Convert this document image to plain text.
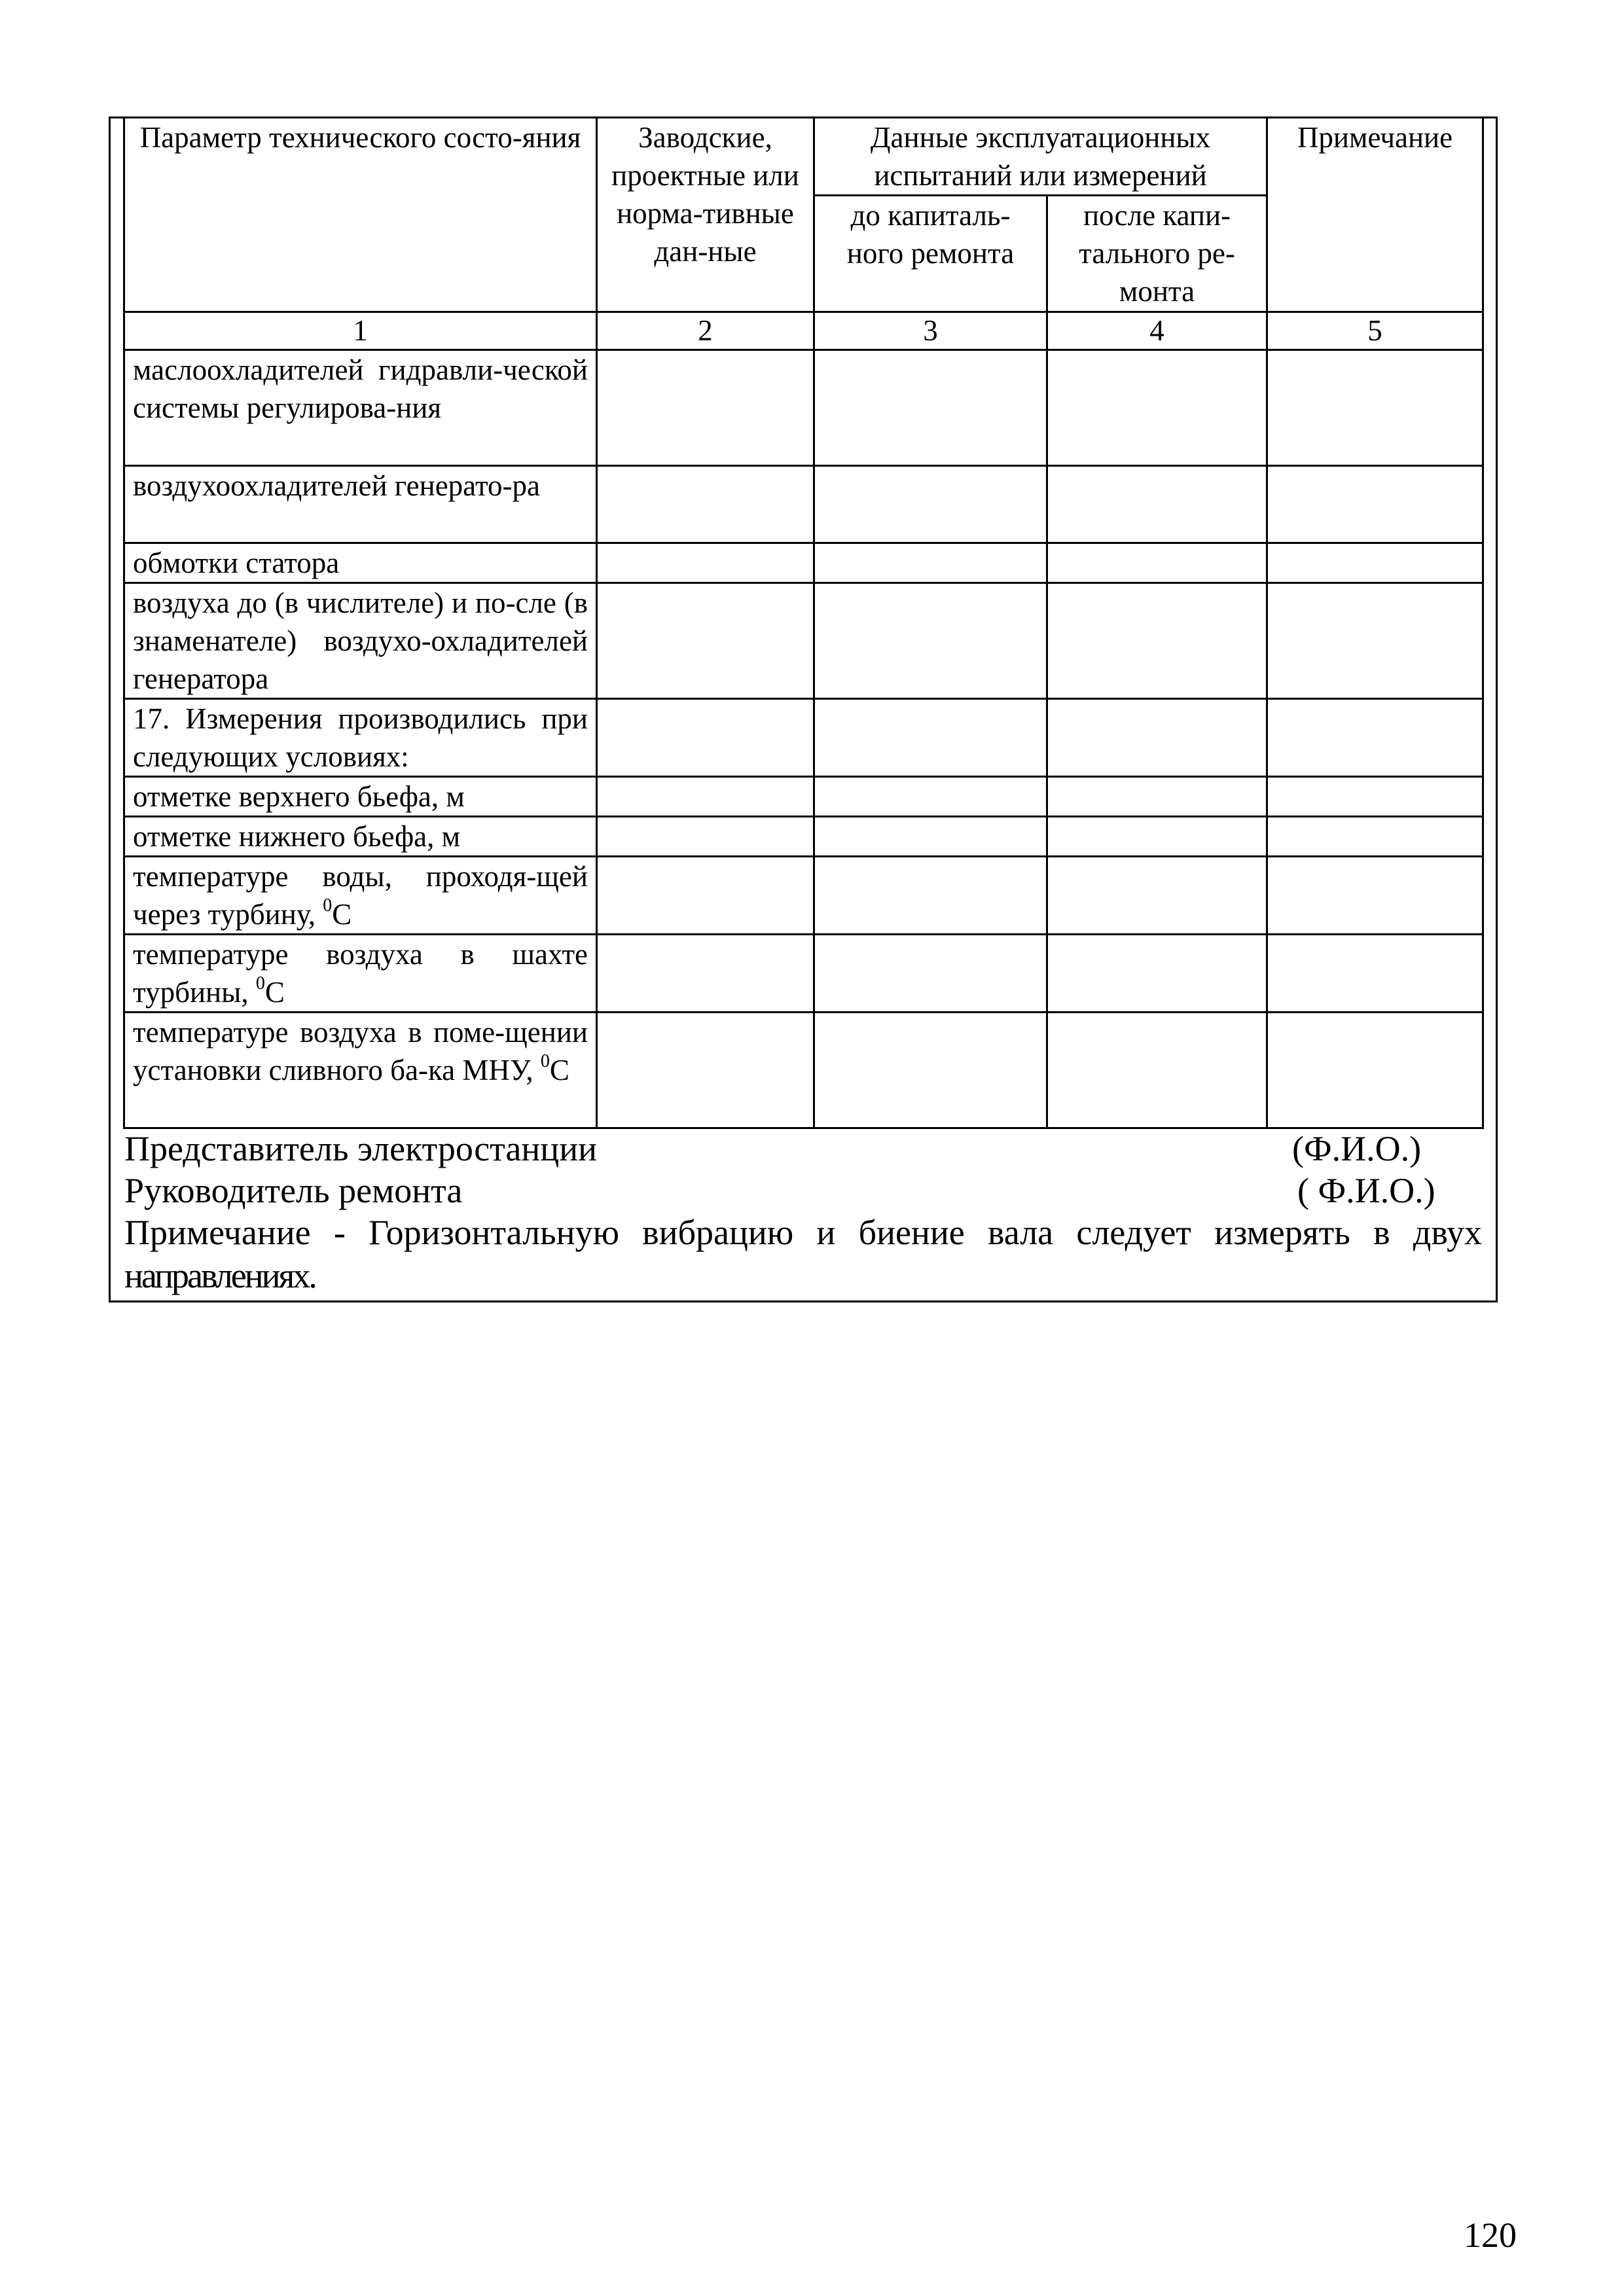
Параметр технического состо-яния	Заводские, проектные или норма-тивные дан-ные	Данные эксплуатационных испытаний или измерений		Примечание
		до капиталь-ного ремонта	после капи-тального ре-монта	
1	2	3	4	5
маслоохладителей гидравли-ческой системы регулирова-ния				
воздухоохладителей генерато-ра				
обмотки статора				
воздуха до (в числителе) и по-сле (в знаменателе) воздухо-охладителей генератора				
17. Измерения производились при следующих условиях:				
отметке верхнего бьефа, м				
отметке нижнего бьефа, м				
температуре воды, проходя-щей через турбину, $^0$С				
температуре воздуха в шахте турбины, $^0$С				
температуре воздуха в поме-щении установки сливного ба-ка МНУ, $^0$С				
Представитель электростанции	(Ф.И.О.)
Руководитель ремонта	( Ф.И.О.)
Примечание - Горизонтальную вибрацию и биение вала следует измерять в двух направлениях.
120
